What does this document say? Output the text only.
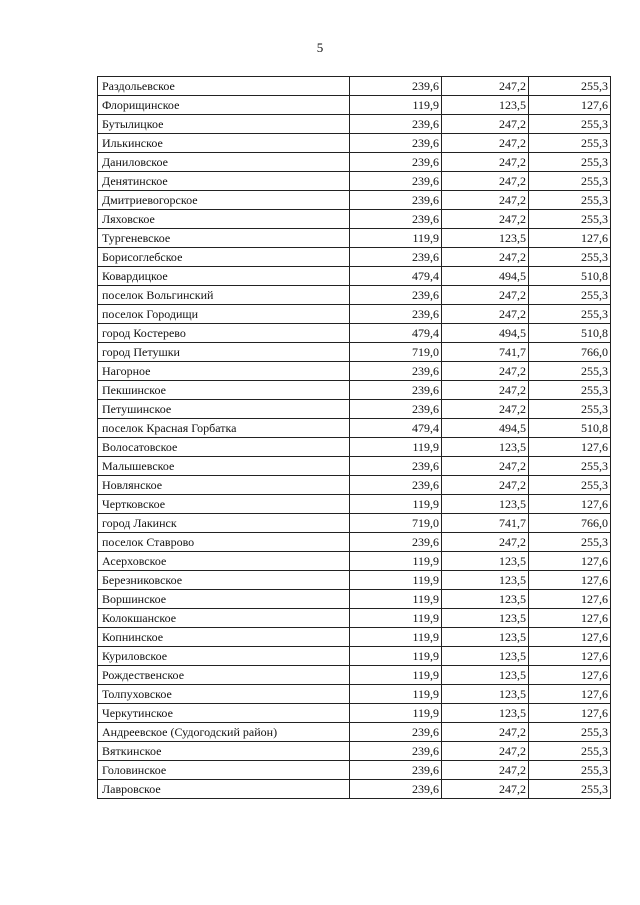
5
Раздольевское	239,6	247,2	255,3
Флорищинское	119,9	123,5	127,6
Бутылицкое	239,6	247,2	255,3
Илькинское	239,6	247,2	255,3
Даниловское	239,6	247,2	255,3
Денятинское	239,6	247,2	255,3
Дмитриевогорское	239,6	247,2	255,3
Ляховское	239,6	247,2	255,3
Тургеневское	119,9	123,5	127,6
Борисоглебское	239,6	247,2	255,3
Ковардицкое	479,4	494,5	510,8
поселок Вольгинский	239,6	247,2	255,3
поселок Городищи	239,6	247,2	255,3
город Костерево	479,4	494,5	510,8
город Петушки	719,0	741,7	766,0
Нагорное	239,6	247,2	255,3
Пекшинское	239,6	247,2	255,3
Петушинское	239,6	247,2	255,3
поселок Красная Горбатка	479,4	494,5	510,8
Волосатовское	119,9	123,5	127,6
Малышевское	239,6	247,2	255,3
Новлянское	239,6	247,2	255,3
Чертковское	119,9	123,5	127,6
город Лакинск	719,0	741,7	766,0
поселок Ставрово	239,6	247,2	255,3
Асерховское	119,9	123,5	127,6
Березниковское	119,9	123,5	127,6
Воршинское	119,9	123,5	127,6
Колокшанское	119,9	123,5	127,6
Копнинское	119,9	123,5	127,6
Куриловское	119,9	123,5	127,6
Рождественское	119,9	123,5	127,6
Толпуховское	119,9	123,5	127,6
Черкутинское	119,9	123,5	127,6
Андреевское (Судогодский район)	239,6	247,2	255,3
Вяткинское	239,6	247,2	255,3
Головинское	239,6	247,2	255,3
Лавровское	239,6	247,2	255,3
